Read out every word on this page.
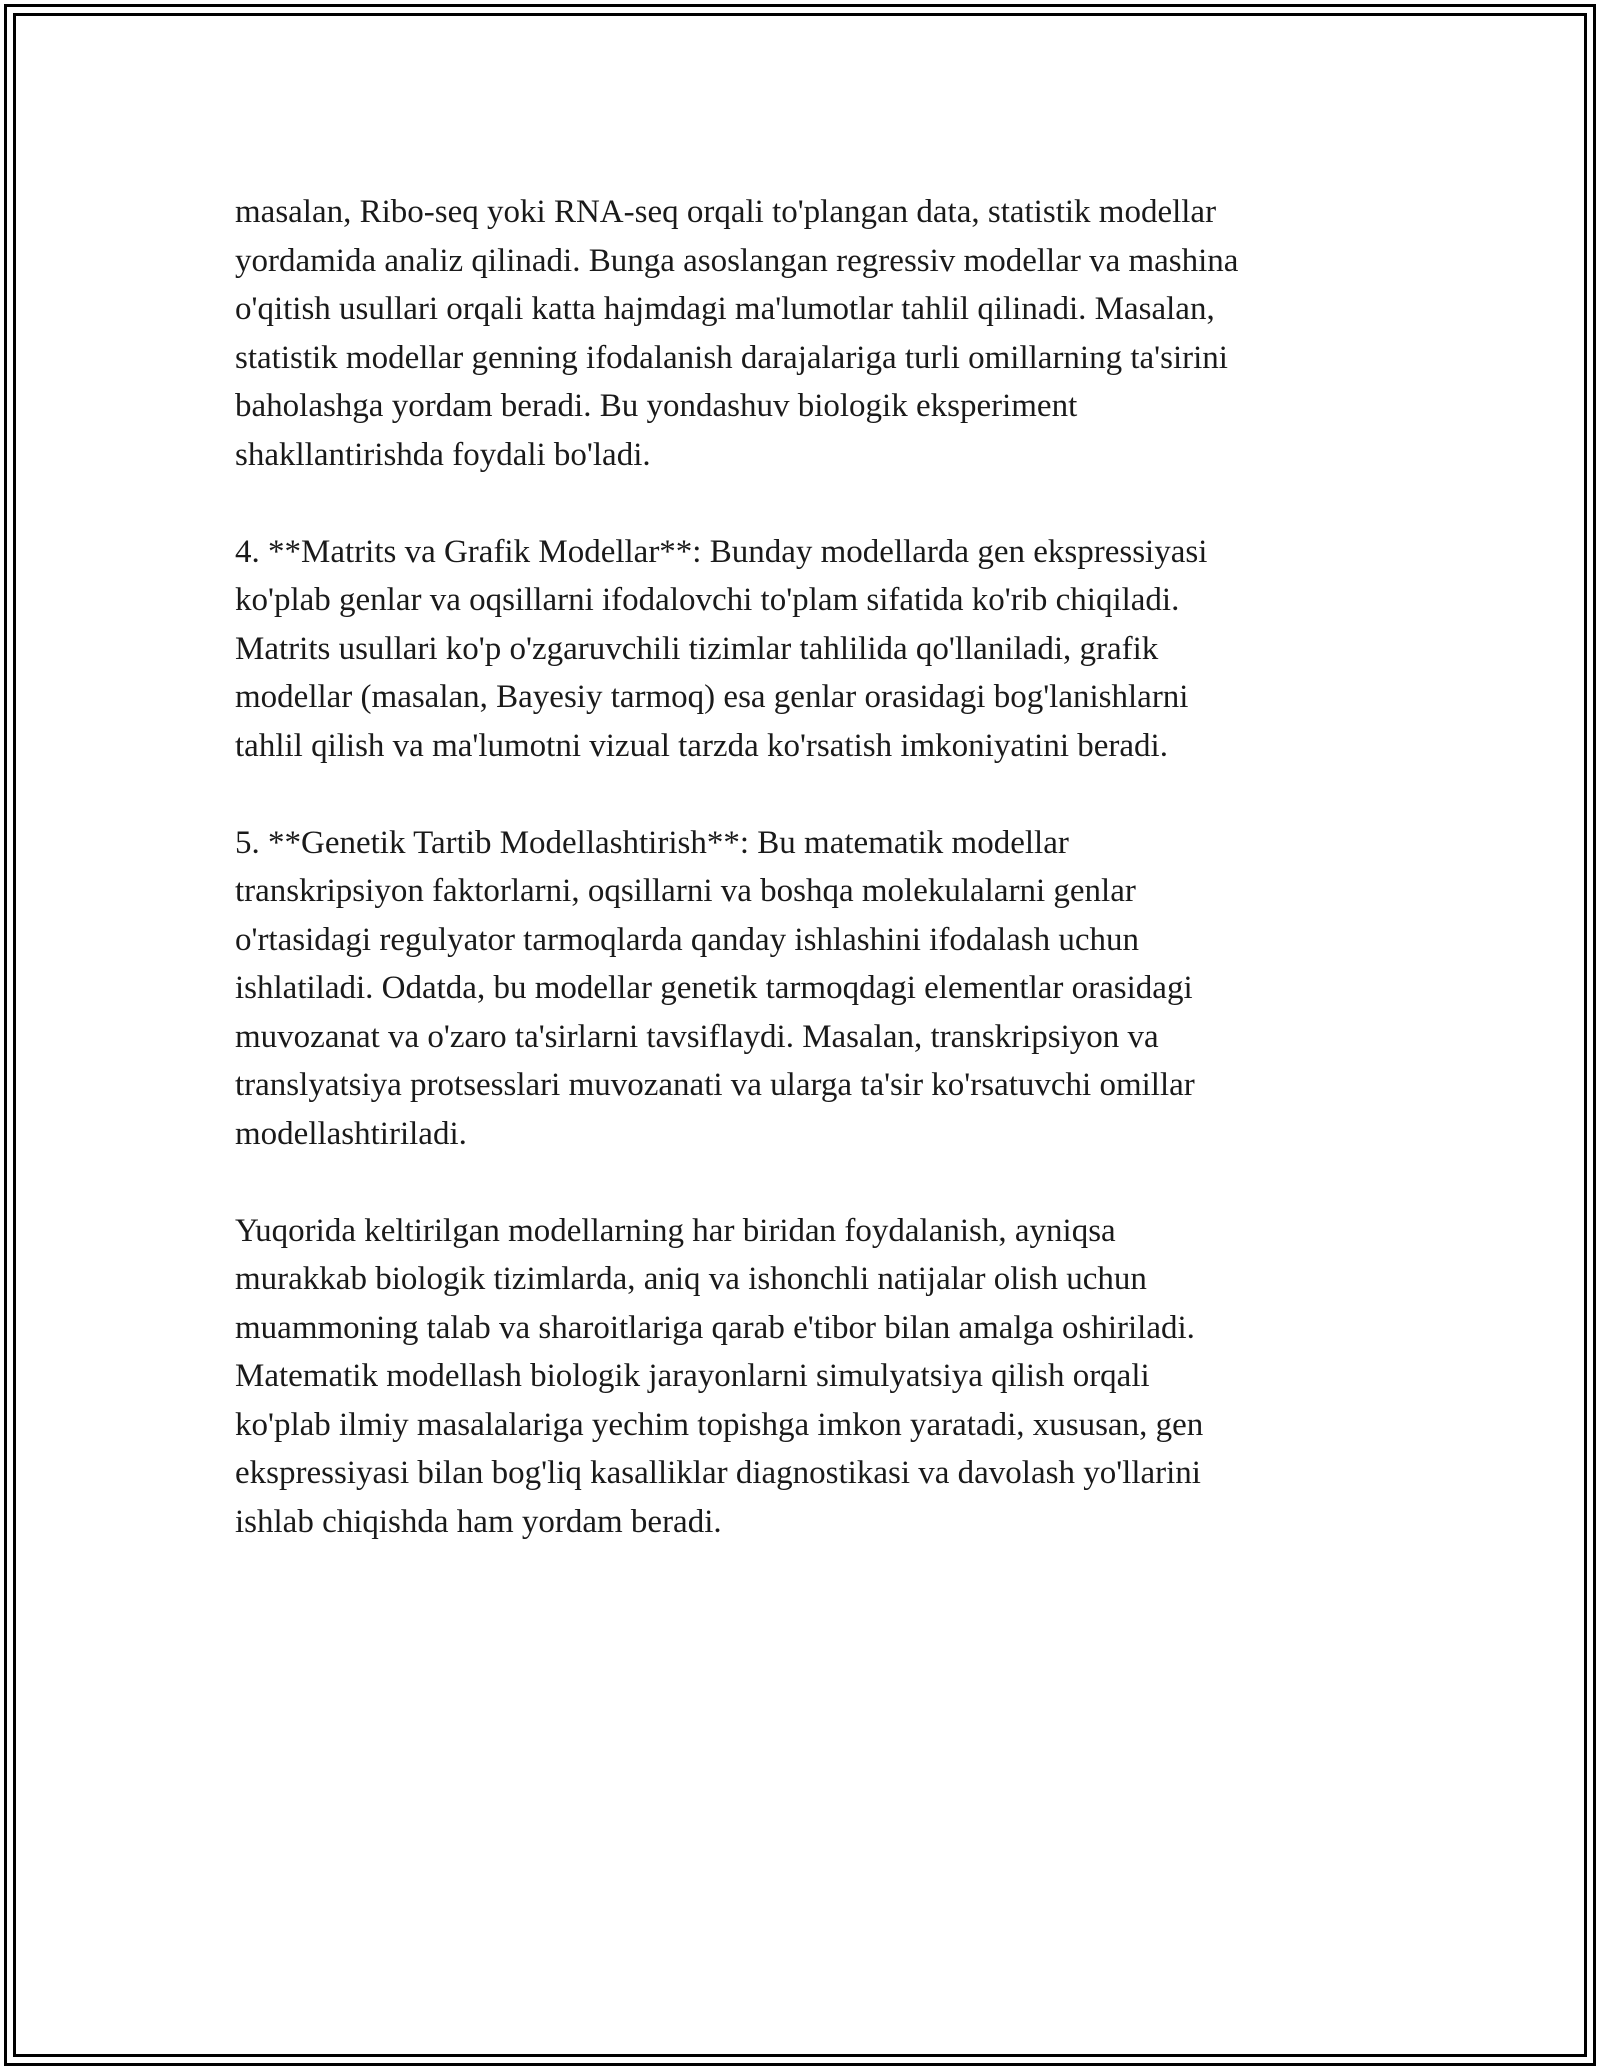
masalan, Ribo-seq yoki RNA-seq orqali to'plangan data, statistik modellar
yordamida analiz qilinadi. Bunga asoslangan regressiv modellar va mashina
o'qitish usullari orqali katta hajmdagi ma'lumotlar tahlil qilinadi. Masalan,
statistik modellar genning ifodalanish darajalariga turli omillarning ta'sirini
baholashga yordam beradi. Bu yondashuv biologik eksperiment
shakllantirishda foydali bo'ladi.
4. **Matrits va Grafik Modellar**: Bunday modellarda gen ekspressiyasi
ko'plab genlar va oqsillarni ifodalovchi to'plam sifatida ko'rib chiqiladi.
Matrits usullari ko'p o'zgaruvchili tizimlar tahlilida qo'llaniladi, grafik
modellar (masalan, Bayesiy tarmoq) esa genlar orasidagi bog'lanishlarni
tahlil qilish va ma'lumotni vizual tarzda ko'rsatish imkoniyatini beradi.
5. **Genetik Tartib Modellashtirish**: Bu matematik modellar
transkripsiyon faktorlarni, oqsillarni va boshqa molekulalarni genlar
o'rtasidagi regulyator tarmoqlarda qanday ishlashini ifodalash uchun
ishlatiladi. Odatda, bu modellar genetik tarmoqdagi elementlar orasidagi
muvozanat va o'zaro ta'sirlarni tavsiflaydi. Masalan, transkripsiyon va
translyatsiya protsesslari muvozanati va ularga ta'sir ko'rsatuvchi omillar
modellashtiriladi.
Yuqorida keltirilgan modellarning har biridan foydalanish, ayniqsa
murakkab biologik tizimlarda, aniq va ishonchli natijalar olish uchun
muammoning talab va sharoitlariga qarab e'tibor bilan amalga oshiriladi.
Matematik modellash biologik jarayonlarni simulyatsiya qilish orqali
ko'plab ilmiy masalalariga yechim topishga imkon yaratadi, xususan, gen
ekspressiyasi bilan bog'liq kasalliklar diagnostikasi va davolash yo'llarini
ishlab chiqishda ham yordam beradi.
